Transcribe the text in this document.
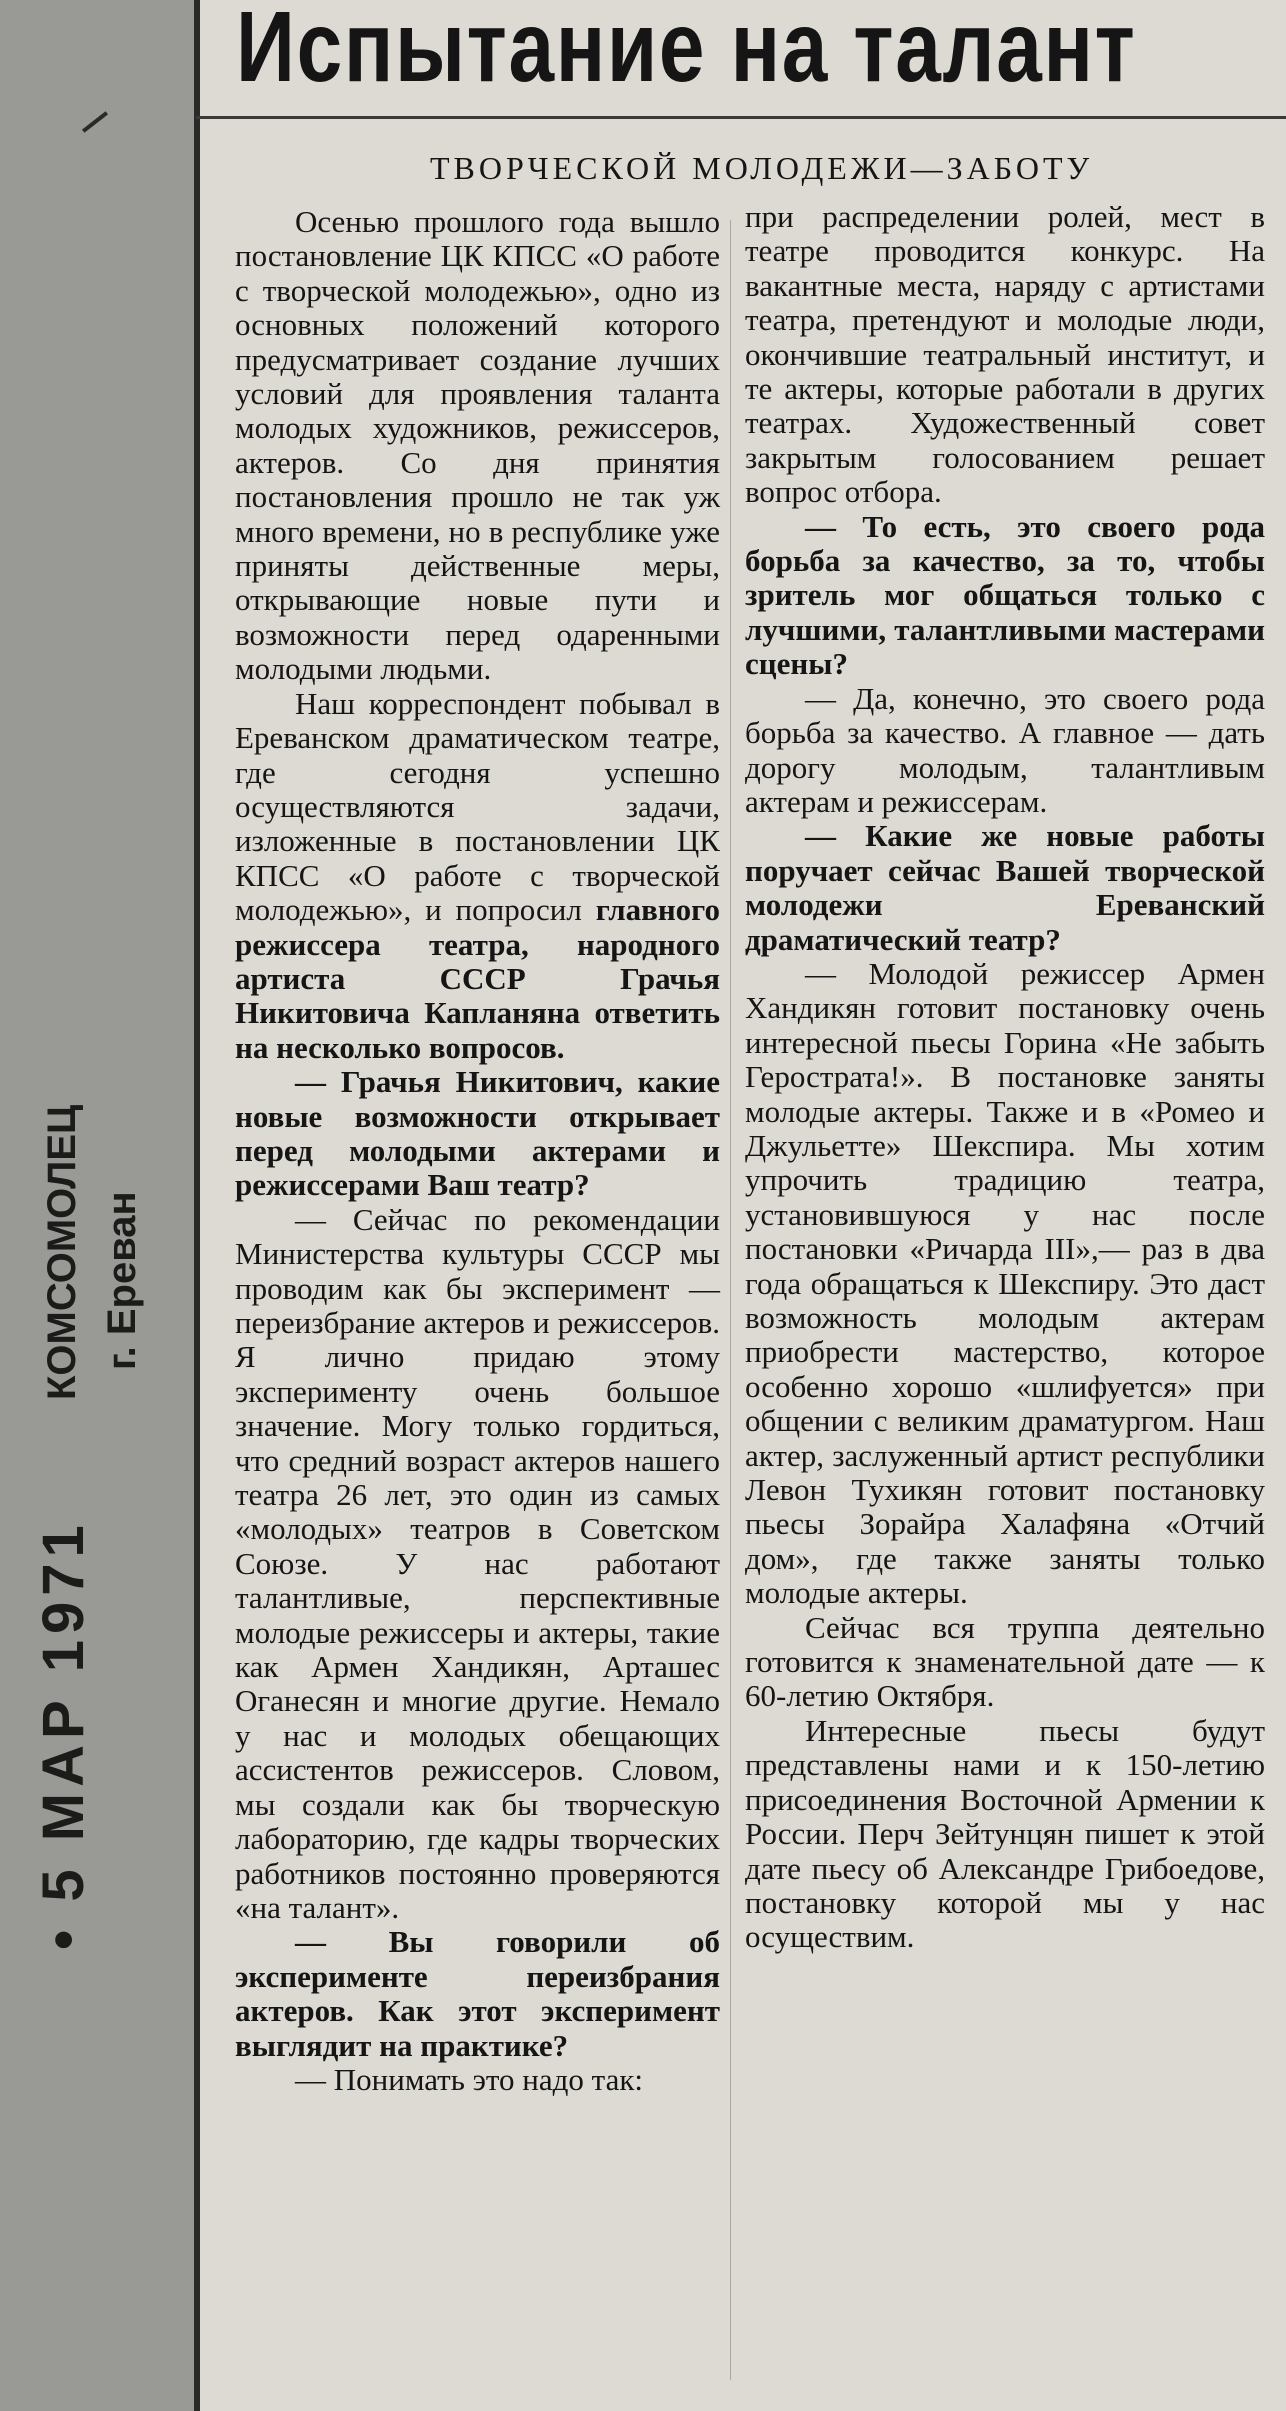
КОМСОМОЛЕЦ г. Ереван
• 5 МАР 1971
Испытание на талант
ТВОРЧЕСКОЙ МОЛОДЕЖИ—ЗАБОТУ

Осенью прошлого года вышло постановление ЦК КПСС «О работе с творческой молодежью», одно из основных положений которого предусматривает создание лучших условий для проявления таланта молодых художников, режиссеров, актеров. Со дня принятия постановления прошло не так уж много времени, но в республике уже приняты действенные меры, открывающие новые пути и возможности перед одаренными молодыми людьми.

Наш корреспондент побывал в Ереванском драматическом театре, где сегодня успешно осуществляются задачи, изложенные в постановлении ЦК КПСС «О работе с творческой молодежью», и попросил главного режиссера театра, народного артиста СССР Грачья Никитовича Капланяна ответить на несколько вопросов.

— Грачья Никитович, какие новые возможности открывает перед молодыми актерами и режиссерами Ваш театр?

— Сейчас по рекомендации Министерства культуры СССР мы проводим как бы эксперимент — переизбрание актеров и режиссеров. Я лично придаю этому эксперименту очень большое значение. Могу только гордиться, что средний возраст актеров нашего театра 26 лет, это один из самых «молодых» театров в Советском Союзе. У нас работают талантливые, перспективные молодые режиссеры и актеры, такие как Армен Хандикян, Арташес Оганесян и многие другие. Немало у нас и молодых обещающих ассистентов режиссеров. Словом, мы создали как бы творческую лабораторию, где кадры творческих работников постоянно проверяются «на талант».

— Вы говорили об эксперименте переизбрания актеров. Как этот эксперимент выглядит на практике?

— Понимать это надо так:

при распределении ролей, мест в театре проводится конкурс. На вакантные места, наряду с артистами театра, претендуют и молодые люди, окончившие театральный институт, и те актеры, которые работали в других театрах. Художественный совет закрытым голосованием решает вопрос отбора.

— То есть, это своего рода борьба за качество, за то, чтобы зритель мог общаться только с лучшими, талантливыми мастерами сцены?

— Да, конечно, это своего рода борьба за качество. А главное — дать дорогу молодым, талантливым актерам и режиссерам.

— Какие же новые работы поручает сейчас Вашей творческой молодежи Ереванский драматический театр?

— Молодой режиссер Армен Хандикян готовит постановку очень интересной пьесы Горина «Не забыть Герострата!». В постановке заняты молодые актеры. Также и в «Ромео и Джульетте» Шекспира. Мы хотим упрочить традицию театра, установившуюся у нас после постановки «Ричарда III»,— раз в два года обращаться к Шекспиру. Это даст возможность молодым актерам приобрести мастерство, которое особенно хорошо «шлифуется» при общении с великим драматургом. Наш актер, заслуженный артист республики Левон Тухикян готовит постановку пьесы Зорайра Халафяна «Отчий дом», где также заняты только молодые актеры.

Сейчас вся труппа деятельно готовится к знаменательной дате — к 60-летию Октября.

Интересные пьесы будут представлены нами и к 150-летию присоединения Восточной Армении к России. Перч Зейтунцян пишет к этой дате пьесу об Александре Грибоедове, постановку которой мы у нас осуществим.
